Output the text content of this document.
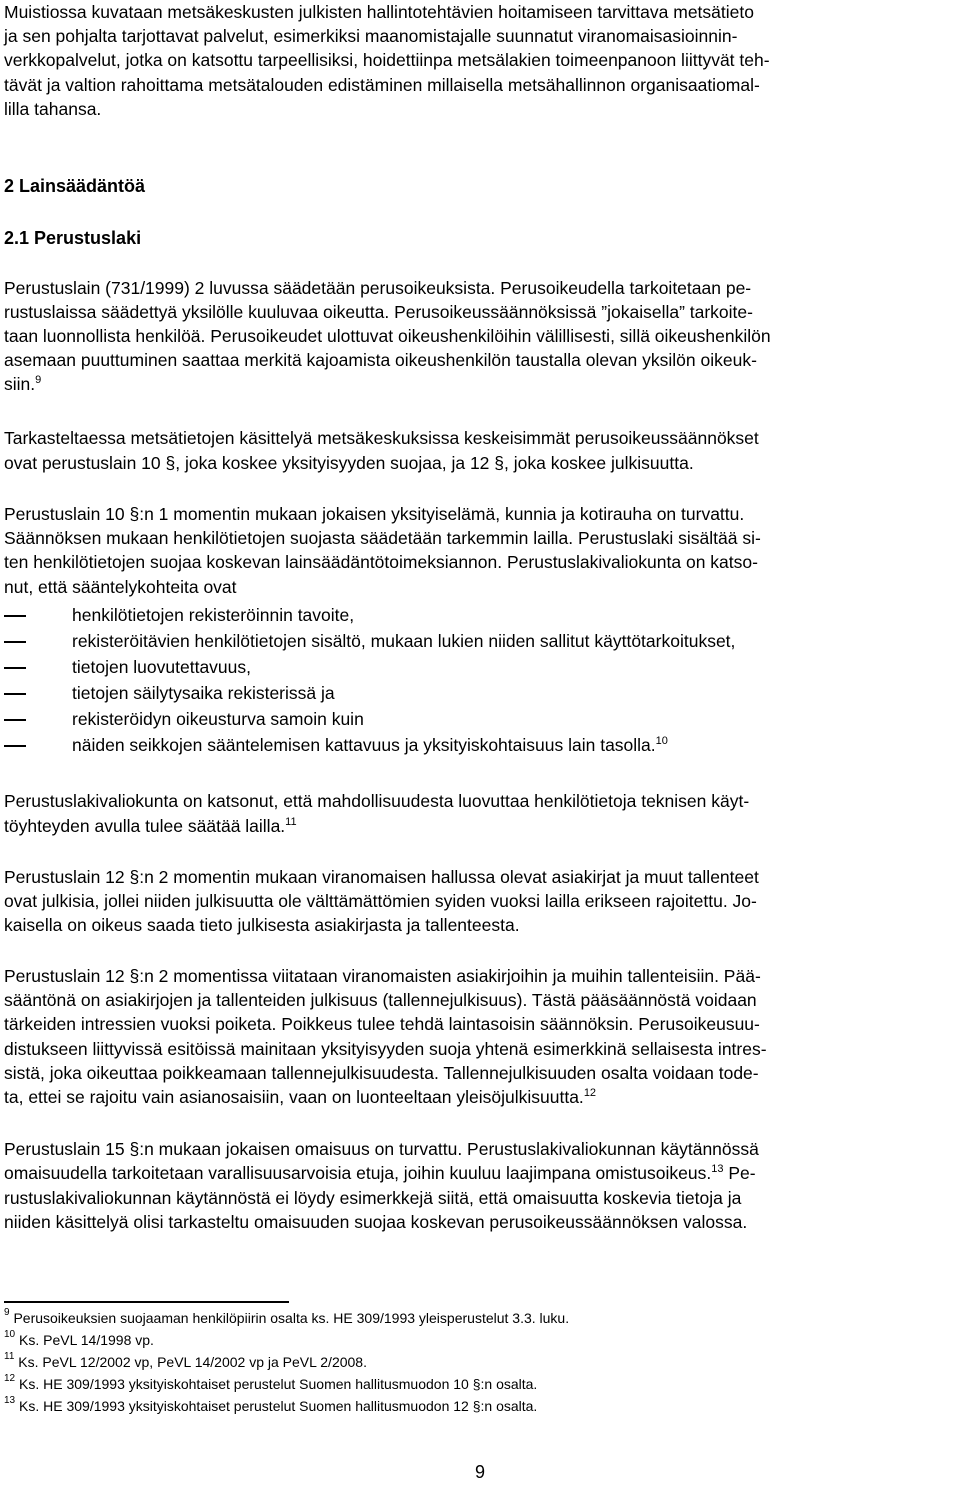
Muistiossa kuvataan metsäkeskusten julkisten hallintotehtävien hoitamiseen tarvittava metsätieto
ja sen pohjalta tarjottavat palvelut, esimerkiksi maanomistajalle suunnatut viranomaisasioinnin-
verkkopalvelut, jotka on katsottu tarpeellisiksi, hoidettiinpa metsälakien toimeenpanoon liittyvät teh-
tävät ja valtion rahoittama metsätalouden edistäminen millaisella metsähallinnon organisaatiomal-
lilla tahansa.
2 Lainsäädäntöä
2.1 Perustuslaki
Perustuslain (731/1999) 2 luvussa säädetään perusoikeuksista. Perusoikeudella tarkoitetaan pe-
rustuslaissa säädettyä yksilölle kuuluvaa oikeutta. Perusoikeussäännöksissä ”jokaisella” tarkoite-
taan luonnollista henkilöä. Perusoikeudet ulottuvat oikeushenkilöihin välillisesti, sillä oikeushenkilön
asemaan puuttuminen saattaa merkitä kajoamista oikeushenkilön taustalla olevan yksilön oikeuk-
siin.$^9$
Tarkasteltaessa metsätietojen käsittelyä metsäkeskuksissa keskeisimmät perusoikeussäännökset
ovat perustuslain 10 §, joka koskee yksityisyyden suojaa, ja 12 §, joka koskee julkisuutta.
Perustuslain 10 §:n 1 momentin mukaan jokaisen yksityiselämä, kunnia ja kotirauha on turvattu.
Säännöksen mukaan henkilötietojen suojasta säädetään tarkemmin lailla. Perustuslaki sisältää si-
ten henkilötietojen suojaa koskevan lainsäädäntötoimeksiannon. Perustuslakivaliokunta on katso-
nut, että sääntelykohteita ovat
henkilötietojen rekisteröinnin tavoite,
rekisteröitävien henkilötietojen sisältö, mukaan lukien niiden sallitut käyttötarkoitukset,
tietojen luovutettavuus,
tietojen säilytysaika rekisterissä ja
rekisteröidyn oikeusturva samoin kuin
näiden seikkojen sääntelemisen kattavuus ja yksityiskohtaisuus lain tasolla.$^{10}$
Perustuslakivaliokunta on katsonut, että mahdollisuudesta luovuttaa henkilötietoja teknisen käyt-
töyhteyden avulla tulee säätää lailla.$^{11}$
Perustuslain 12 §:n 2 momentin mukaan viranomaisen hallussa olevat asiakirjat ja muut tallenteet
ovat julkisia, jollei niiden julkisuutta ole välttämättömien syiden vuoksi lailla erikseen rajoitettu. Jo-
kaisella on oikeus saada tieto julkisesta asiakirjasta ja tallenteesta.
Perustuslain 12 §:n 2 momentissa viitataan viranomaisten asiakirjoihin ja muihin tallenteisiin. Pää-
sääntönä on asiakirjojen ja tallenteiden julkisuus (tallennejulkisuus). Tästä pääsäännöstä voidaan
tärkeiden intressien vuoksi poiketa. Poikkeus tulee tehdä laintasoisin säännöksin. Perusoikeusuu-
distukseen liittyvissä esitöissä mainitaan yksityisyyden suoja yhtenä esimerkkinä sellaisesta intres-
sistä, joka oikeuttaa poikkeamaan tallennejulkisuudesta. Tallennejulkisuuden osalta voidaan tode-
ta, ettei se rajoitu vain asianosaisiin, vaan on luonteeltaan yleisöjulkisuutta.$^{12}$
Perustuslain 15 §:n mukaan jokaisen omaisuus on turvattu. Perustuslakivaliokunnan käytännössä
omaisuudella tarkoitetaan varallisuusarvoisia etuja, joihin kuuluu laajimpana omistusoikeus.$^{13}$ Pe-
rustuslakivaliokunnan käytännöstä ei löydy esimerkkejä siitä, että omaisuutta koskevia tietoja ja
niiden käsittelyä olisi tarkasteltu omaisuuden suojaa koskevan perusoikeussäännöksen valossa.
$^9$ Perusoikeuksien suojaaman henkilöpiirin osalta ks. HE 309/1993 yleisperustelut 3.3. luku.
$^{10}$ Ks. PeVL 14/1998 vp.
$^{11}$ Ks. PeVL 12/2002 vp, PeVL 14/2002 vp ja PeVL 2/2008.
$^{12}$ Ks. HE 309/1993 yksityiskohtaiset perustelut Suomen hallitusmuodon 10 §:n osalta.
$^{13}$ Ks. HE 309/1993 yksityiskohtaiset perustelut Suomen hallitusmuodon 12 §:n osalta.
9
